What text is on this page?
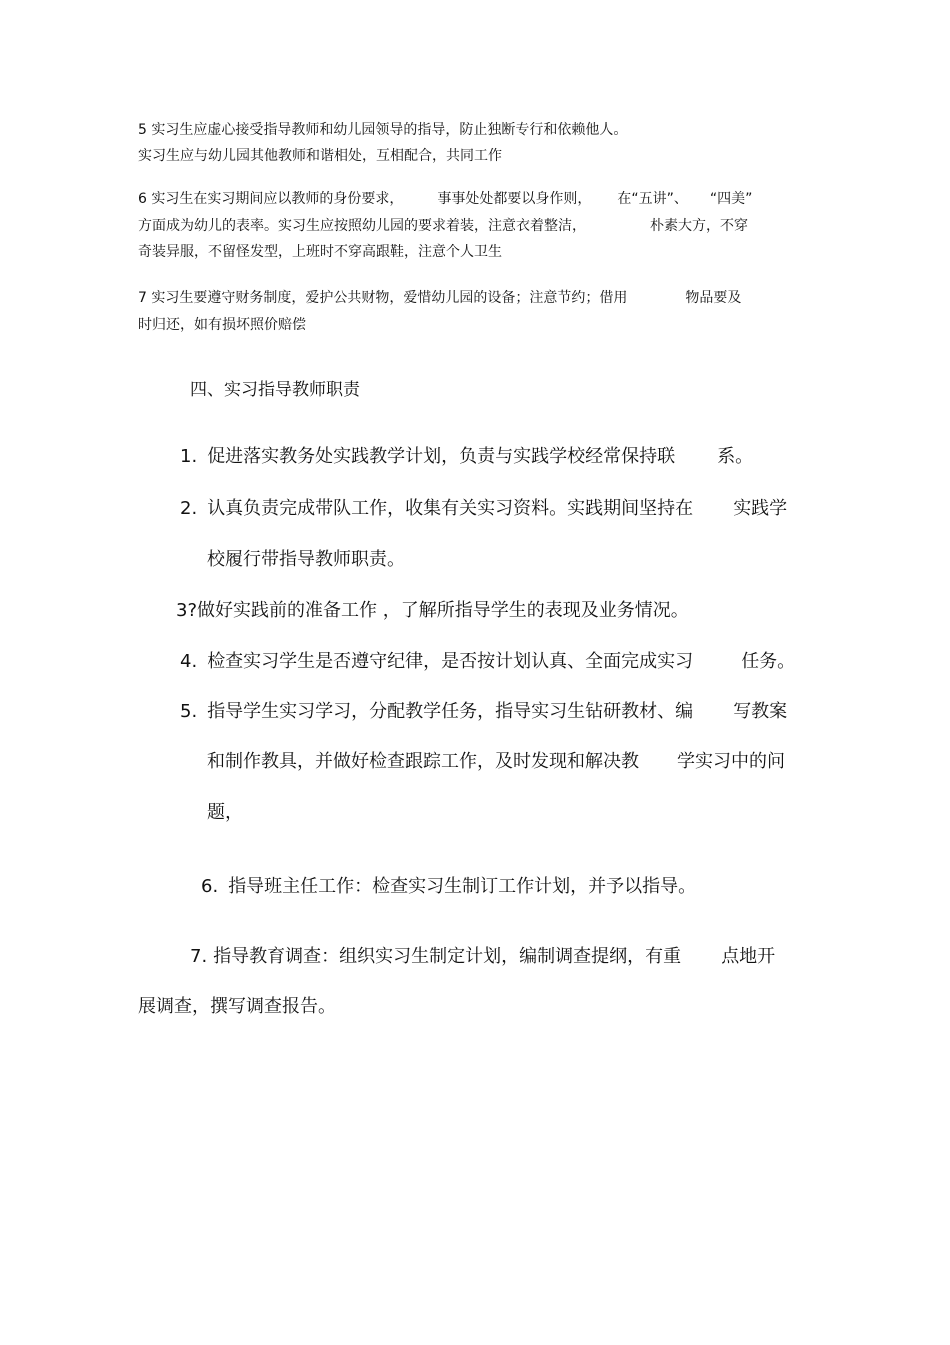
5 实习生应虚心接受指导教师和幼儿园领导的指导，防止独断专行和依赖他人。
实习生应与幼儿园其他教师和谐相处，互相配合，共同工作
6 实习生在实习期间应以教师的身份要求， 事事处处都要以身作则， 在“五讲”、 “四美”
方面成为幼儿的表率。实习生应按照幼儿园的要求着装，注意衣着整洁，	朴素大方，不穿
奇装异服，不留怪发型，上班时不穿高跟鞋，注意个人卫生
7 实习生要遵守财务制度，爱护公共财物，爱惜幼儿园的设备；注意节约；借用	物品要及
时归还，如有损坏照价赔偿
四、实习指导教师职责
1. 促进落实教务处实践教学计划，负责与实践学校经常保持联 系。
2. 认真负责完成带队工作，收集有关实习资料。实践期间坚持在 实践学
校履行带指导教师职责。
3?做好实践前的准备工作 ，了解所指导学生的表现及业务情况。
4. 检查实习学生是否遵守纪律，是否按计划认真、全面完成实习	任务。
5. 指导学生实习学习，分配教学任务，指导实习生钻研教材、编 写教案
和制作教具，并做好检查跟踪工作，及时发现和解决教 学实习中的问
题，
6. 指导班主任工作：检查实习生制订工作计划，并予以指导。
7. 指导教育调查：组织实习生制定计划，编制调查提纲，有重 点地开
展调查，撰写调查报告。
